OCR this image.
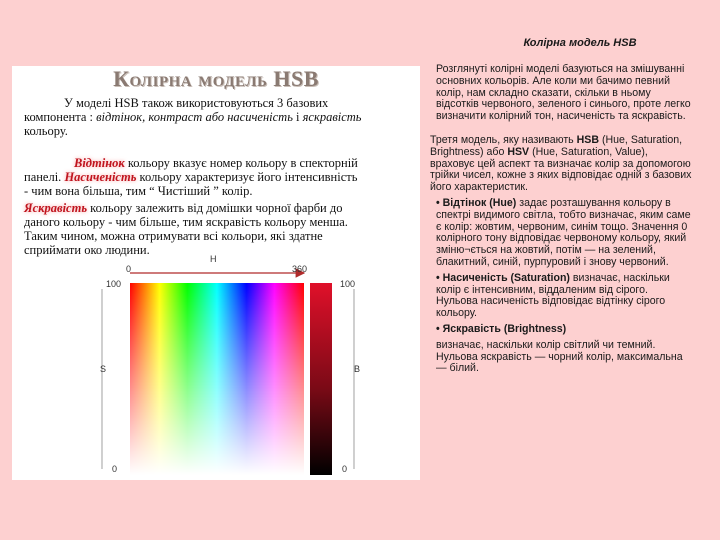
Колірна модель HSB
Колірна модель HSB
У моделі HSB також використовуються 3 базових
компонента : відтінок, контраст або насиченість і яскравість
кольору.
Відтінок кольору вказує номер кольору в спекторній
панелі. Насиченість кольору характеризує його інтенсивність
- чим вона більша, тим “ Чистіший ” колір.
Яскравість кольору залежить від домішки чорної фарби до
даного кольору - чим більше, тим яскравість кольору менша.
Таким чином, можна отримувати всі кольори, які здатне
сприймати око людини.
H
0	360
100
S
0
100
B
0

Розглянуті колірні моделі базуються на змішуванні основних кольорів. Але коли ми бачимо певний колір, нам складно сказати, скільки в ньому відсотків червоного, зеленого і синього, проте легко визначити колірний тон, насиченість та яскравість.

Третя модель, яку називають HSB (Hue, Saturation, Brightness) або HSV (Hue, Saturation, Value), враховує цей аспект та визначає колір за допомогою трійки чисел, кожне з яких відповідає одній з базових його характеристик.

• Відтінок (Hue) задає розташування кольору в спектрі видимого світла, тобто визначає, яким саме є колір: жовтим, червоним, синім тощо. Значення 0 колірного тону відповідає червоному кольору, який зміню¬ється на жовтий, потім — на зелений, блакитний, синій, пурпуровий і знову червоний.

• Насиченість (Saturation) визначає, наскільки колір є інтенсивним, віддаленим від сірого. Нульова насиченість відповідає відтінку сірого кольору.

• Яскравість (Brightness)

визначає, наскільки колір світлий чи темний. Нульова яскравість — чорний колір, максимальна — білий.
